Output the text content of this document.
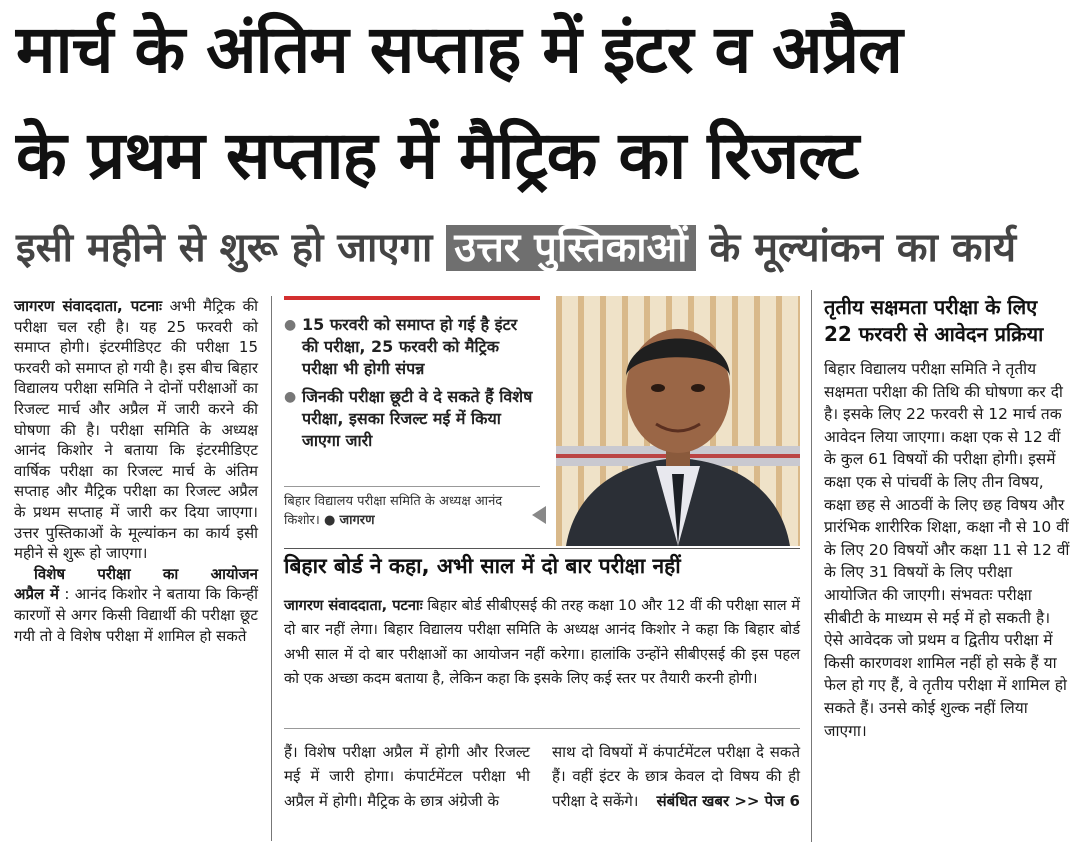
मार्च के अंतिम सप्ताह में इंटर व अप्रैल
के प्रथम सप्ताह में मैट्रिक का रिजल्ट
इसी महीने से शुरू हो जाएगा उत्तर पुस्तिकाओं के मूल्यांकन का कार्य
जागरण संवाददाता, पटनाः अभी मैट्रिक की परीक्षा चल रही है। यह 25 फरवरी को समाप्त होगी। इंटरमीडिएट की परीक्षा 15 फरवरी को समाप्त हो गयी है। इस बीच बिहार विद्यालय परीक्षा समिति ने दोनों परीक्षाओं का रिजल्ट मार्च और अप्रैल में जारी करने की घोषणा की है। परीक्षा समिति के अध्यक्ष आनंद किशोर ने बताया कि इंटरमीडिएट वार्षिक परीक्षा का रिजल्ट मार्च के अंतिम सप्ताह और मैट्रिक परीक्षा का रिजल्ट अप्रैल के प्रथम सप्ताह में जारी कर दिया जाएगा। उत्तर पुस्तिकाओं के मूल्यांकन का कार्य इसी महीने से शुरू हो जाएगा।
विशेष परीक्षा का आयोजन
अप्रैल में : आनंद किशोर ने बताया कि किन्हीं कारणों से अगर किसी विद्यार्थी की परीक्षा छूट गयी तो वे विशेष परीक्षा में शामिल हो सकते
● 15 फरवरी को समाप्त हो गई है इंटर की परीक्षा, 25 फरवरी को मैट्रिक परीक्षा भी होगी संपन्न
● जिनकी परीक्षा छूटी वे दे सकते हैं विशेष परीक्षा, इसका रिजल्ट मई में किया जाएगा जारी
बिहार विद्यालय परीक्षा समिति के अध्यक्ष आनंद किशोर। ● जागरण
बिहार बोर्ड ने कहा, अभी साल में दो बार परीक्षा नहीं
जागरण संवाददाता, पटनाः बिहार बोर्ड सीबीएसई की तरह कक्षा 10 और 12 वीं की परीक्षा साल में दो बार नहीं लेगा। बिहार विद्यालय परीक्षा समिति के अध्यक्ष आनंद किशोर ने कहा कि बिहार बोर्ड अभी साल में दो बार परीक्षाओं का आयोजन नहीं करेगा। हालांकि उन्होंने सीबीएसई की इस पहल को एक अच्छा कदम बताया है, लेकिन कहा कि इसके लिए कई स्तर पर तैयारी करनी होगी।
हैं। विशेष परीक्षा अप्रैल में होगी और रिजल्ट मई में जारी होगा। कंपार्टमेंटल परीक्षा भी अप्रैल में होगी। मैट्रिक के छात्र अंग्रेजी के
साथ दो विषयों में कंपार्टमेंटल परीक्षा दे सकते हैं। वहीं इंटर के छात्र केवल दो विषय की ही परीक्षा दे सकेंगे। संबंधित खबर >> पेज 6
तृतीय सक्षमता परीक्षा के लिए 22 फरवरी से आवेदन प्रक्रिया
बिहार विद्यालय परीक्षा समिति ने तृतीय सक्षमता परीक्षा की तिथि की घोषणा कर दी है। इसके लिए 22 फरवरी से 12 मार्च तक आवेदन लिया जाएगा। कक्षा एक से 12 वीं के कुल 61 विषयों की परीक्षा होगी। इसमें कक्षा एक से पांचवीं के लिए तीन विषय, कक्षा छह से आठवीं के लिए छह विषय और प्रारंभिक शारीरिक शिक्षा, कक्षा नौ से 10 वीं के लिए 20 विषयों और कक्षा 11 से 12 वीं के लिए 31 विषयों के लिए परीक्षा आयोजित की जाएगी। संभवतः परीक्षा सीबीटी के माध्यम से मई में हो सकती है। ऐसे आवेदक जो प्रथम व द्वितीय परीक्षा में किसी कारणवश शामिल नहीं हो सके हैं या फेल हो गए हैं, वे तृतीय परीक्षा में शामिल हो सकते हैं। उनसे कोई शुल्क नहीं लिया जाएगा।
